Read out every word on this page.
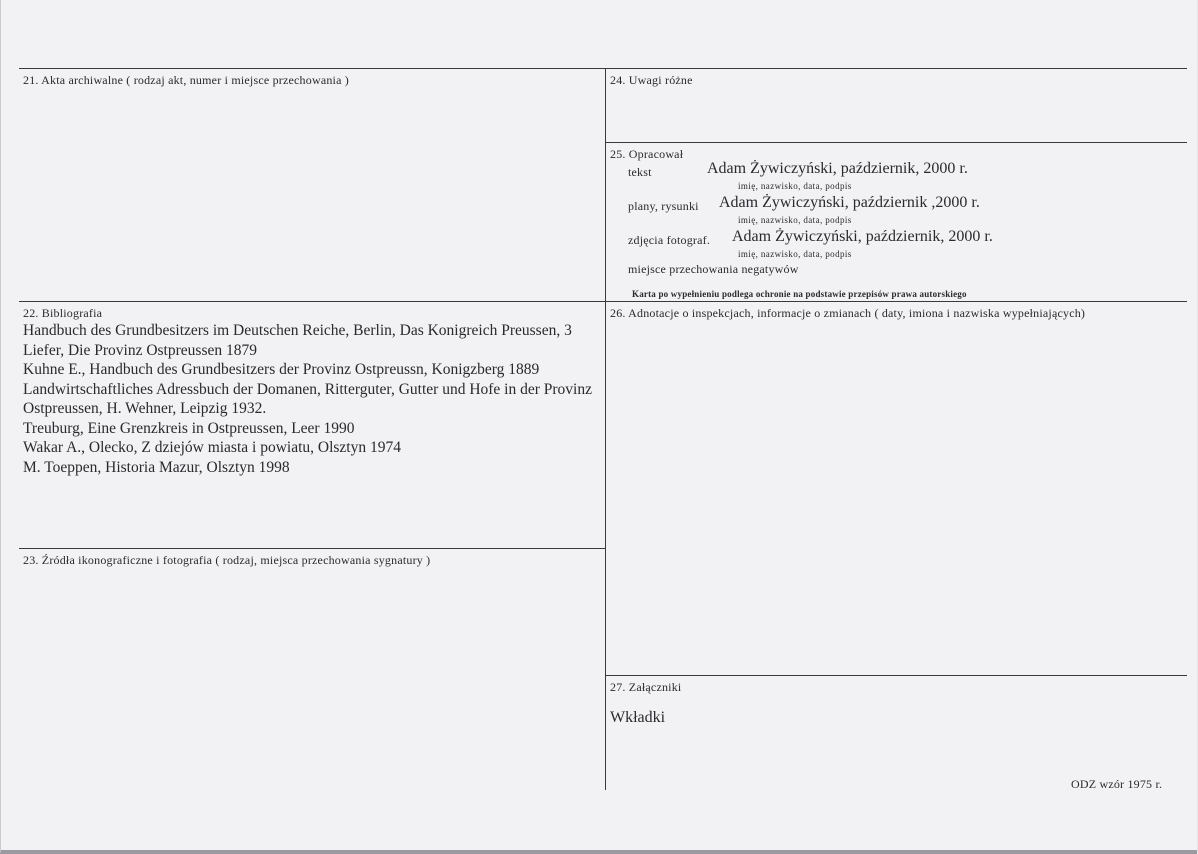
21. Akta archiwalne ( rodzaj akt, numer i miejsce przechowania )
22. Bibliografia
Handbuch des Grundbesitzers im Deutschen Reiche, Berlin, Das Konigreich Preussen, 3 Liefer, Die Provinz Ostpreussen 1879
Kuhne E., Handbuch des Grundbesitzers der Provinz Ostpreussn, Konigzberg 1889
Landwirtschaftliches Adressbuch der Domanen, Ritterguter, Gutter und Hofe in der Provinz Ostpreussen, H. Wehner, Leipzig 1932.
Treuburg, Eine Grenzkreis in Ostpreussen, Leer 1990
Wakar A., Olecko, Z dziejów miasta i powiatu, Olsztyn 1974
M. Toeppen, Historia Mazur, Olsztyn 1998
23. Źródła ikonograficzne i fotografia ( rodzaj, miejsca przechowania sygnatury )
24. Uwagi różne
25. Opracował
tekst	Adam Żywiczyński, październik, 2000 r.
imię, nazwisko, data, podpis
plany, rysunki Adam Żywiczyński, październik ,2000 r.
imię, nazwisko, data, podpis
zdjęcia fotograf. Adam Żywiczyński, październik, 2000 r.
imię, nazwisko, data, podpis
miejsce przechowania negatywów
Karta po wypełnieniu podlega ochronie na podstawie przepisów prawa autorskiego
26. Adnotacje o inspekcjach, informacje o zmianach ( daty, imiona i nazwiska wypełniających)
27. Załączniki
Wkładki
ODZ wzór 1975 r.
